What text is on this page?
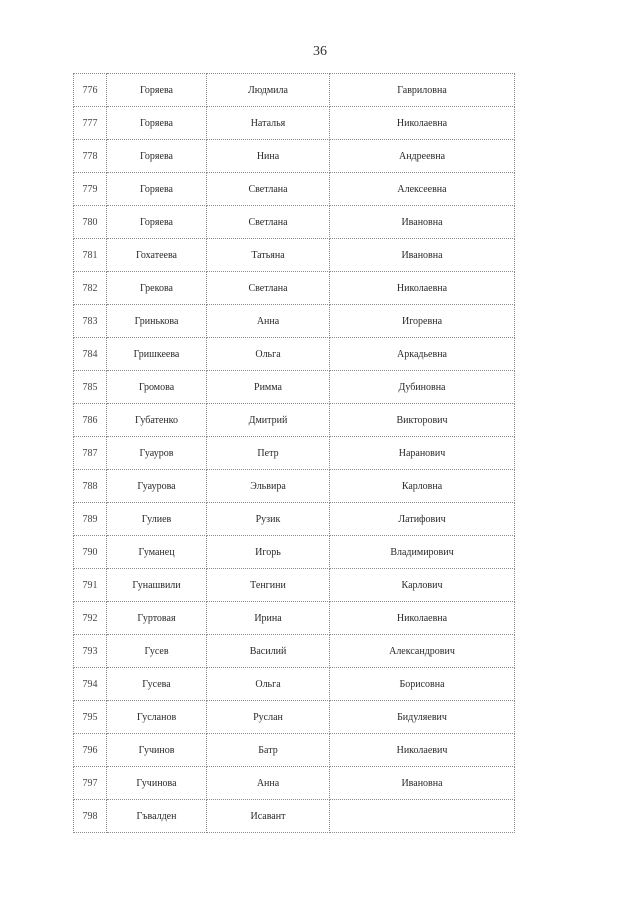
36
776	Горяева	Людмила	Гавриловна
777	Горяева	Наталья	Николаевна
778	Горяева	Нина	Андреевна
779	Горяева	Светлана	Алексеевна
780	Горяева	Светлана	Ивановна
781	Гохатеева	Татьяна	Ивановна
782	Грекова	Светлана	Николаевна
783	Гринькова	Анна	Игоревна
784	Гришкеева	Ольга	Аркадьевна
785	Громова	Римма	Дубиновна
786	Губатенко	Дмитрий	Викторович
787	Гуауров	Петр	Наранович
788	Гуаурова	Эльвира	Карловна
789	Гулиев	Рузик	Латифович
790	Гуманец	Игорь	Владимирович
791	Гунашвили	Тенгини	Карлович
792	Гуртовая	Ирина	Николаевна
793	Гусев	Василий	Александрович
794	Гусева	Ольга	Борисовна
795	Гусланов	Руслан	Бидуляевич
796	Гучинов	Батр	Николаевич
797	Гучинова	Анна	Ивановна
798	Гъвалден	Исавант	
